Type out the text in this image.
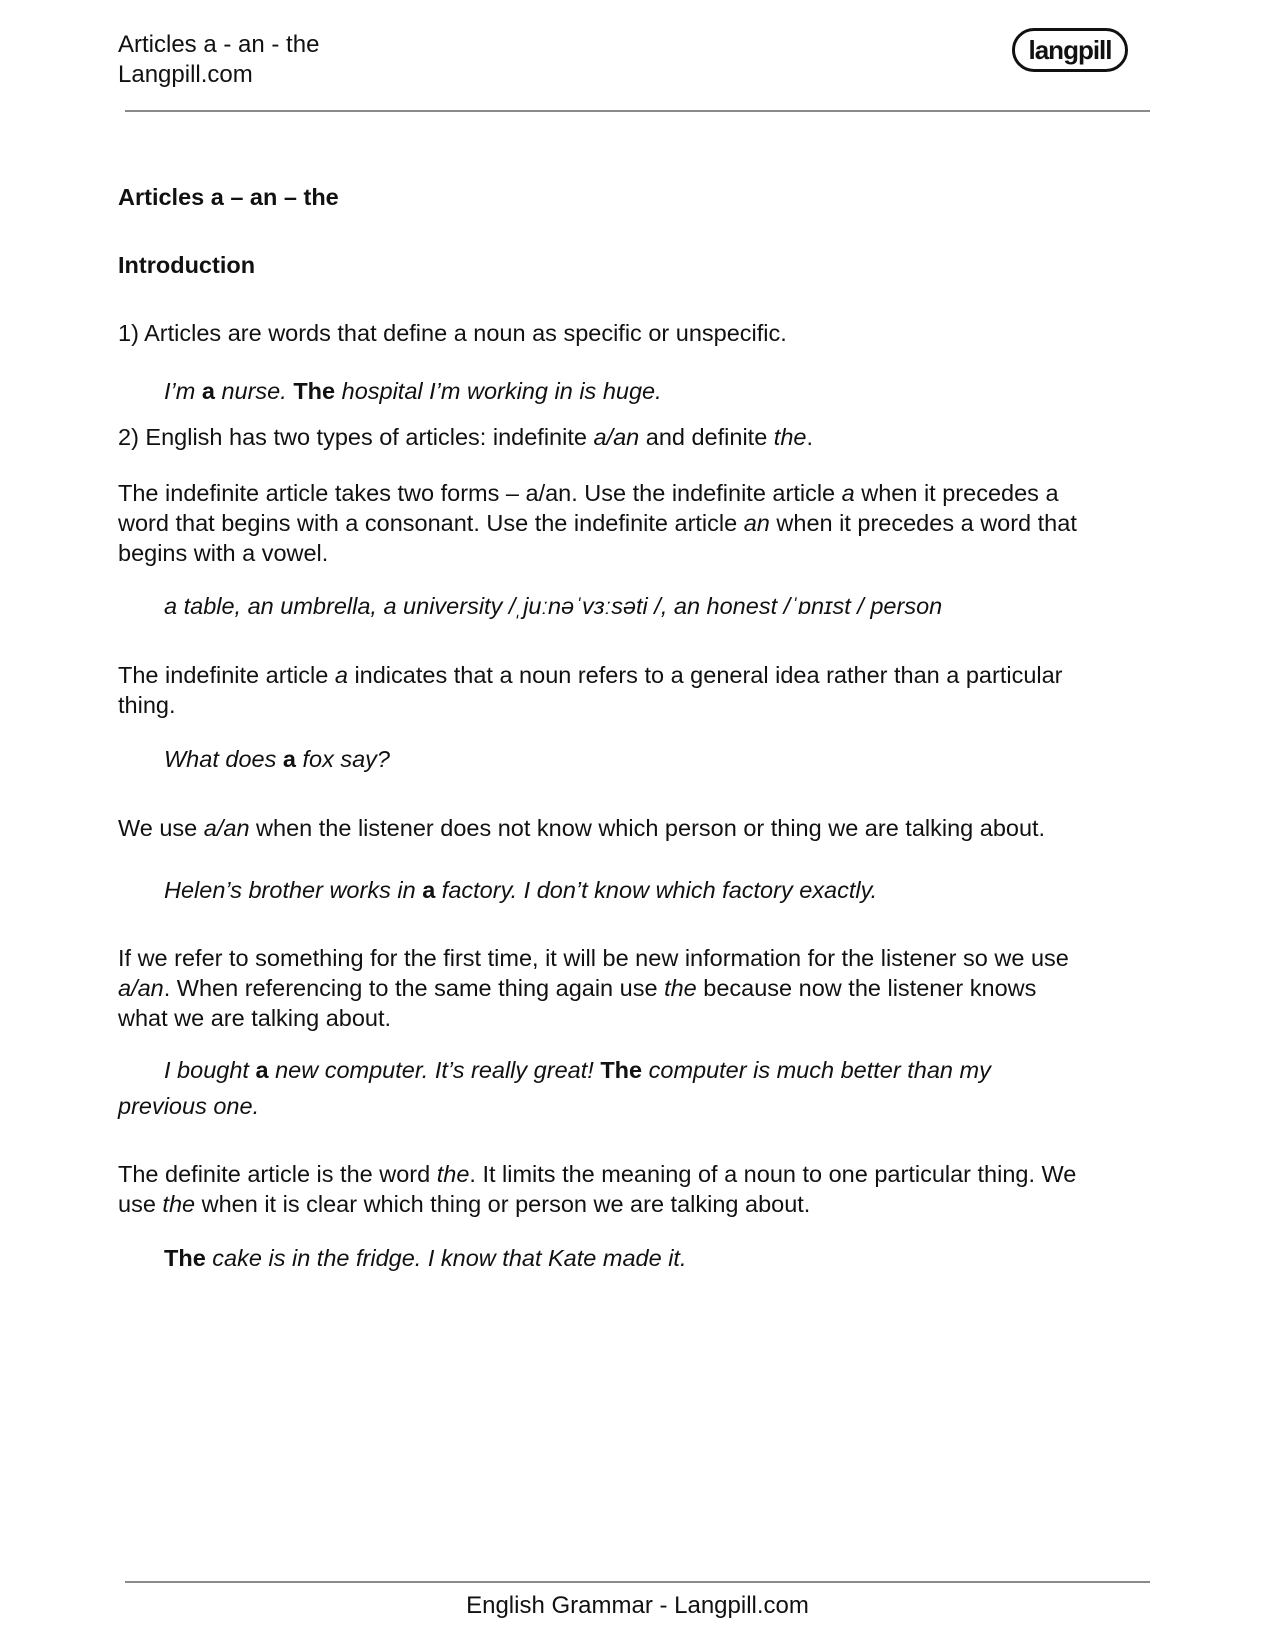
Articles a - an - the
Langpill.com
langpill
Articles a – an – the
Introduction
1) Articles are words that define a noun as specific or unspecific.
I’m a nurse. The hospital I’m working in is huge.
2) English has two types of articles: indefinite a/an and definite the.
The indefinite article takes two forms – a/an. Use the indefinite article a when it precedes a
word that begins with a consonant. Use the indefinite article an when it precedes a word that
begins with a vowel.
a table, an umbrella, a university /ˌjuːnəˈvɜːsəti /, an honest /ˈɒnɪst / person
The indefinite article a indicates that a noun refers to a general idea rather than a particular
thing.
What does a fox say?
We use a/an when the listener does not know which person or thing we are talking about.
Helen’s brother works in a factory. I don’t know which factory exactly.
If we refer to something for the first time, it will be new information for the listener so we use
a/an. When referencing to the same thing again use the because now the listener knows
what we are talking about.
I bought a new computer. It’s really great! The computer is much better than my
previous one.
The definite article is the word the. It limits the meaning of a noun to one particular thing. We
use the when it is clear which thing or person we are talking about.
The cake is in the fridge. I know that Kate made it.
English Grammar - Langpill.com
